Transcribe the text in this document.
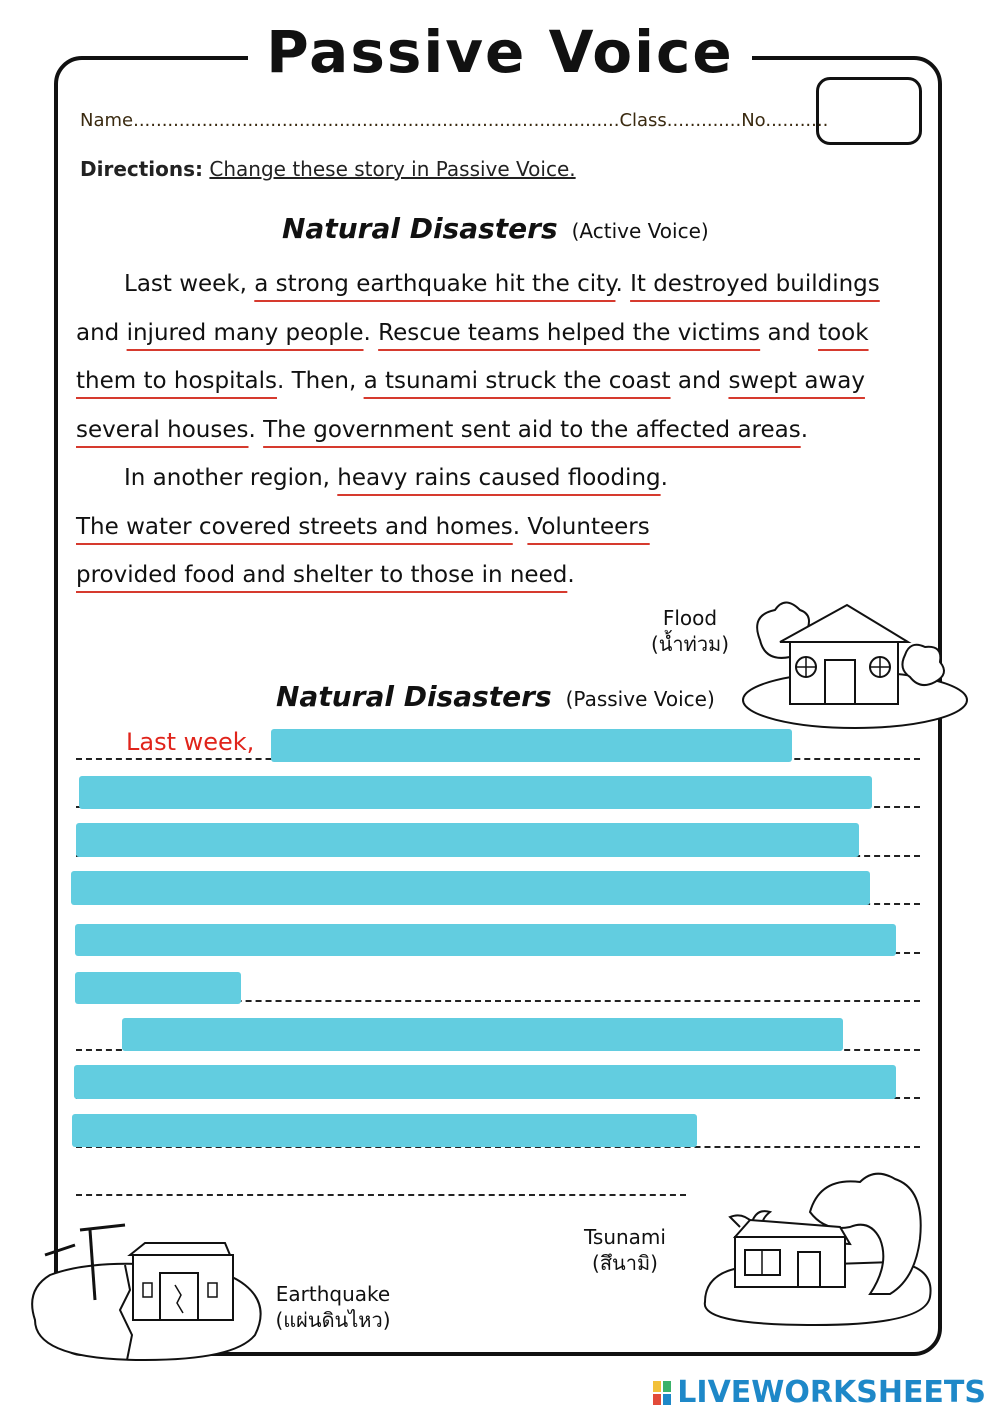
Passive Voice
Name.....................................................................................Class.............No...........
Directions: Change these story in Passive Voice.
Natural Disasters (Active Voice)

Last week, a strong earthquake hit the city. It destroyed buildings and injured many people. Rescue teams helped the victims and took them to hospitals. Then, a tsunami struck the coast and swept away several houses. The government sent aid to the affected areas.

In another region, heavy rains caused flooding. The water covered streets and homes. Volunteers provided food and shelter to those in need.

Flood
(น้ำท่วม)
Natural Disasters (Passive Voice)
Last week,
Tsunami
(สึนามิ)
Earthquake
(แผ่นดินไหว)
LIVEWORKSHEETS
